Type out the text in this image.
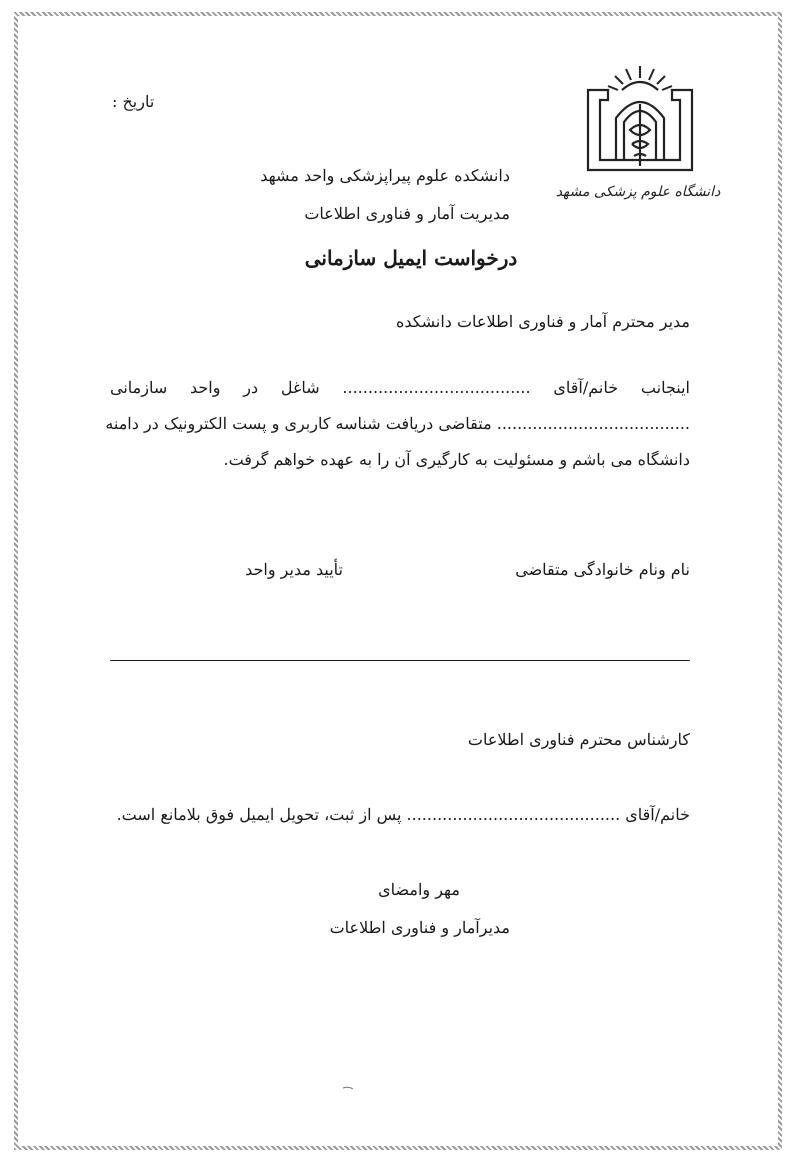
دانشگاه علوم پزشکی مشهد
تاریخ :
دانشکده علوم پیراپزشکی واحد مشهد
مدیریت آمار و فناوری اطلاعات
درخواست ایمیل سازمانی
مدیر محترم آمار و فناوری اطلاعات دانشکده
اینجانب خانم/آقای ..................................... شاغل در واحد سازمانی
...................................... متقاضی دریافت شناسه کاربری و پست الکترونیک در دامنه
دانشگاه می باشم و مسئولیت به کارگیری آن را به عهده خواهم گرفت.
نام ونام خانوادگی متقاضی
تأیید مدیر واحد
کارشناس محترم فناوری اطلاعات
خانم/آقای .......................................... پس از ثبت، تحویل ایمیل فوق بلامانع است.
مهر وامضای
مدیرآمار و فناوری اطلاعات
